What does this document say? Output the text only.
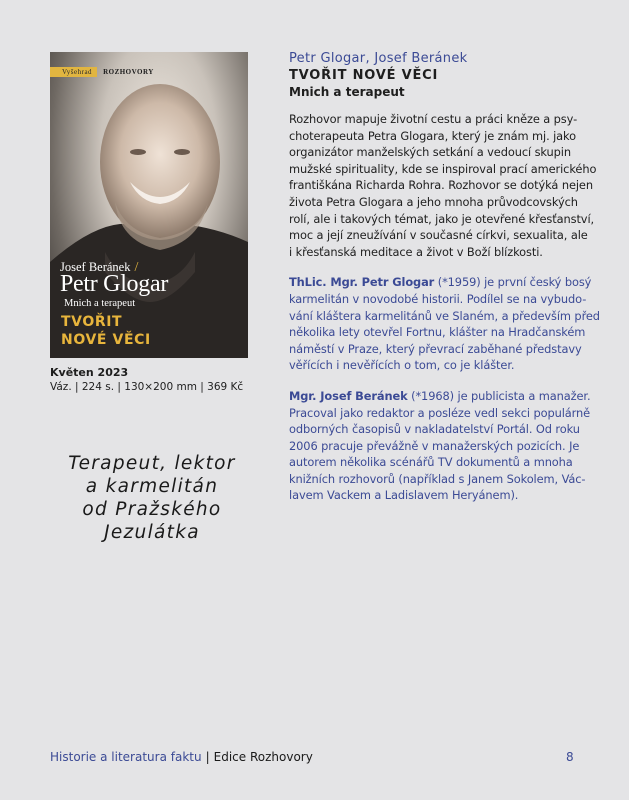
Vyšehrad	ROZHOVORY
Josef Beránek /
Petr Glogar
Mnich a terapeut
TVOŘIT
NOVÉ VĚCI
Květen 2023
Váz. | 224 s. | 130×200 mm | 369 Kč
Terapeut, lektor
a karmelitán
od Pražského
Jezulátka
Petr Glogar, Josef Beránek
TVOŘIT NOVÉ VĚCI
Mnich a terapeut
Rozhovor mapuje životní cestu a práci kněze a psy-
choterapeuta Petra Glogara, který je znám mj. jako
organizátor manželských setkání a vedoucí skupin
mužské spirituality, kde se inspiroval prací amerického
františkána Richarda Rohra. Rozhovor se dotýká nejen
života Petra Glogara a jeho mnoha průvodcovských
rolí, ale i takových témat, jako je otevřené křesťanství,
moc a její zneužívání v současné církvi, sexualita, ale
i křesťanská meditace a život v Boží blízkosti.
ThLic. Mgr. Petr Glogar (*1959) je první český bosý
karmelitán v novodobé historii. Podílel se na vybudo-
vání kláštera karmelitánů ve Slaném, a především před
několika lety otevřel Fortnu, klášter na Hradčanském
náměstí v Praze, který převrací zaběhané představy
věřících i nevěřících o tom, co je klášter.
Mgr. Josef Beránek (*1968) je publicista a manažer.
Pracoval jako redaktor a posléze vedl sekci populárně
odborných časopisů v nakladatelství Portál. Od roku
2006 pracuje převážně v manažerských pozicích. Je
autorem několika scénářů TV dokumentů a mnoha
knižních rozhovorů (například s Janem Sokolem, Vác-
lavem Vackem a Ladislavem Heryánem).
Historie a literatura faktu | Edice Rozhovory	8
